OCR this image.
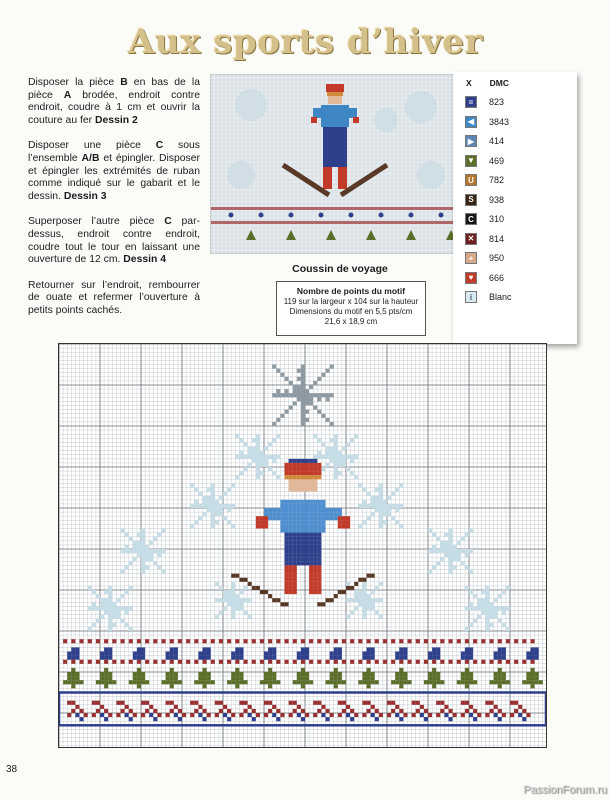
Aux sports d’hiver

Disposer la pièce B en bas de la pièce A brodée, endroit contre endroit, coudre à 1 cm et ouvrir la couture au fer Dessin 2

Disposer une pièce C sous l’ensemble A/B et épingler. Disposer et épingler les extrémités de ruban comme indiqué sur le gabarit et le dessin. Dessin 3

Superposer l’autre pièce C par-dessus, endroit contre endroit, coudre tout le tour en laissant une ouverture de 12 cm. Dessin 4

Retourner sur l’endroit, rembourrer de ouate et refermer l’ouverture à petits points cachés.

Coussin de voyage
Nombre de points du motif
119 sur la largeur x 104 sur la hauteur
Dimensions du motif en 5,5 pts/cm
21,6 x 18,9 cm
X DMC
=	823
◀	3843
▶	414
▼ 469
U	782
S	938
C	310
✕ 814
+	950
♥	666
i	Blanc
38
PassionForum.ru
